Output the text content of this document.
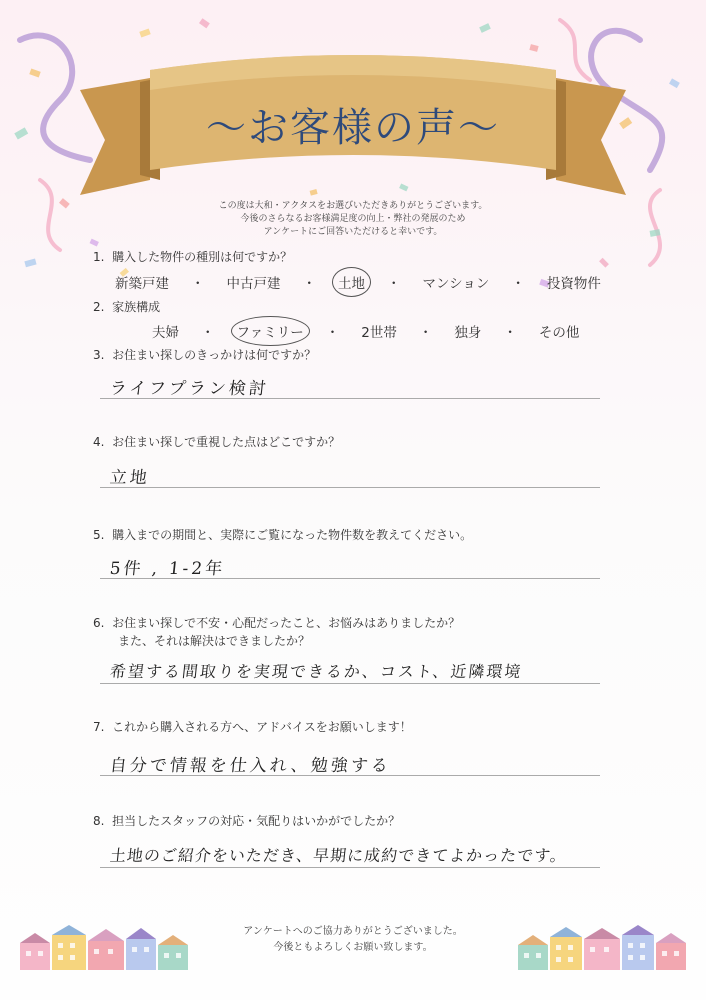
〜お客様の声〜
この度は大和・アクタスをお選びいただきありがとうございます。
今後のさらなるお客様満足度の向上・弊社の発展のため
アンケートにご回答いただけると幸いです。
1. 購入した物件の種別は何ですか？
新築戸建 ・ 中古戸建 ・ 土地 ・ マンション ・ 投資物件
2. 家族構成
夫婦 ・ ファミリー ・ 2世帯 ・ 独身 ・ その他
3. お住まい探しのきっかけは何ですか？
ライフプラン検討
4. お住まい探しで重視した点はどこですか？
立地
5. 購入までの期間と、実際にご覧になった物件数を教えてください。
5件 , 1-2年
6. お住まい探しで不安・心配だったこと、お悩みはありましたか？
また、それは解決はできましたか？
希望する間取りを実現できるか、コスト、近隣環境
7. これから購入される方へ、アドバイスをお願いします！
自分で情報を仕入れ、勉強する
8. 担当したスタッフの対応・気配りはいかがでしたか？
土地のご紹介をいただき、早期に成約できてよかったです。
アンケートへのご協力ありがとうございました。
今後ともよろしくお願い致します。
